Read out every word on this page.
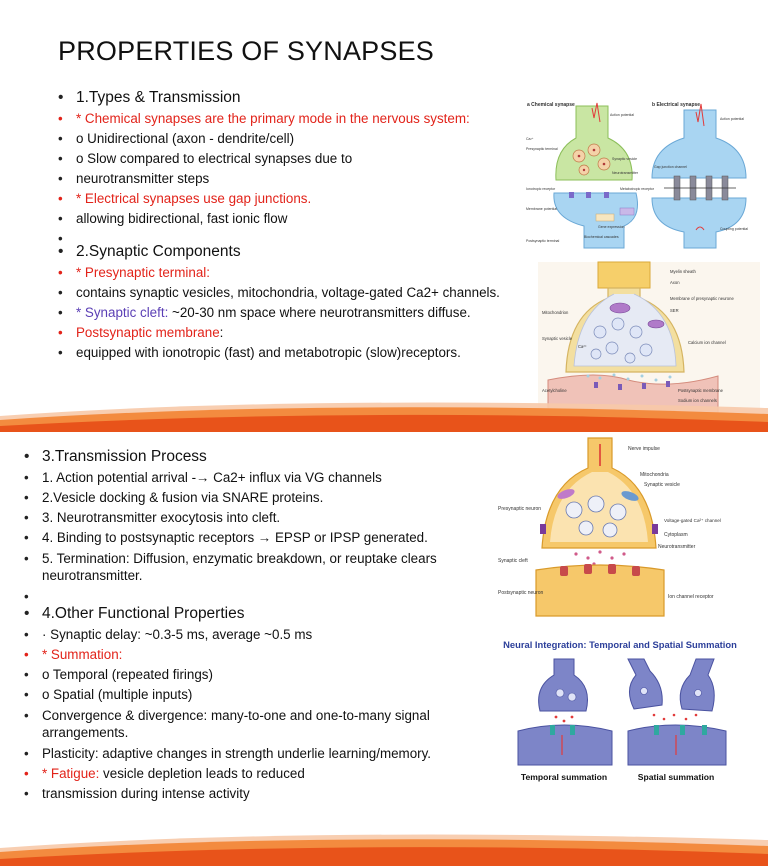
PROPERTIES OF SYNAPSES
• 1.Types & Transmission
• * Chemical synapses are the primary mode in the nervous system:
• o Unidirectional (axon - dendrite/cell)
• o Slow compared to electrical synapses due to
• neurotransmitter steps
• * Electrical synapses use gap junctions.
• allowing bidirectional, fast ionic flow
•
• 2.Synaptic Components
• * Presynaptic terminal:
• contains synaptic vesicles, mitochondria, voltage-gated Ca2+ channels.
• * Synaptic cleft: ~20-30 nm space where neurotransmitters diffuse.
• Postsynaptic membrane:
• equipped with ionotropic (fast) and metabotropic (slow)receptors.
a Chemical synapse	b Electrical synapse
Ca²⁺
Action potential
Presynaptic terminal
Synaptic vesicle
Neurotransmitter
Ionotropic receptor	Metabotropic receptor
Membrane potential
Gene expression
Biochemical cascades
Postsynaptic terminal
Action potential
Gap junction channel
Coupling potential
Myelin sheath
Axon
Membrane of presynaptic neurone
SER
Mitochondrion
Synaptic vesicle
Ca²⁺
Calcium ion channel
Acetylcholine	Postsynaptic membrane
Sodium ion channels
• 3.Transmission Process
• 1. Action potential arrival -→ Ca2+ influx via VG channels
• 2.Vesicle docking & fusion via SNARE proteins.
• 3. Neurotransmitter exocytosis into cleft.
• 4. Binding to postsynaptic receptors → EPSP or IPSP generated.
• 5. Termination: Diffusion, enzymatic breakdown, or reuptake clears neurotransmitter.
•
• 4.Other Functional Properties
• · Synaptic delay: ~0.3-5 ms, average ~0.5 ms
• * Summation:
• o Temporal (repeated firings)
• o Spatial (multiple inputs)
• Convergence & divergence: many-to-one and one-to-many signal arrangements.
• Plasticity: adaptive changes in strength underlie learning/memory.
• * Fatigue: vesicle depletion leads to reduced
• transmission during intense activity
Nerve impulse
Mitochondria
Synaptic vesicle
Presynaptic neuron
Voltage-gated Ca²⁺ channel
Cytoplasm
Neurotransmitter
Synaptic cleft
Postsynaptic neuron
Ion channel receptor
Neural Integration: Temporal and Spatial Summation
Temporal summation	Spatial summation
